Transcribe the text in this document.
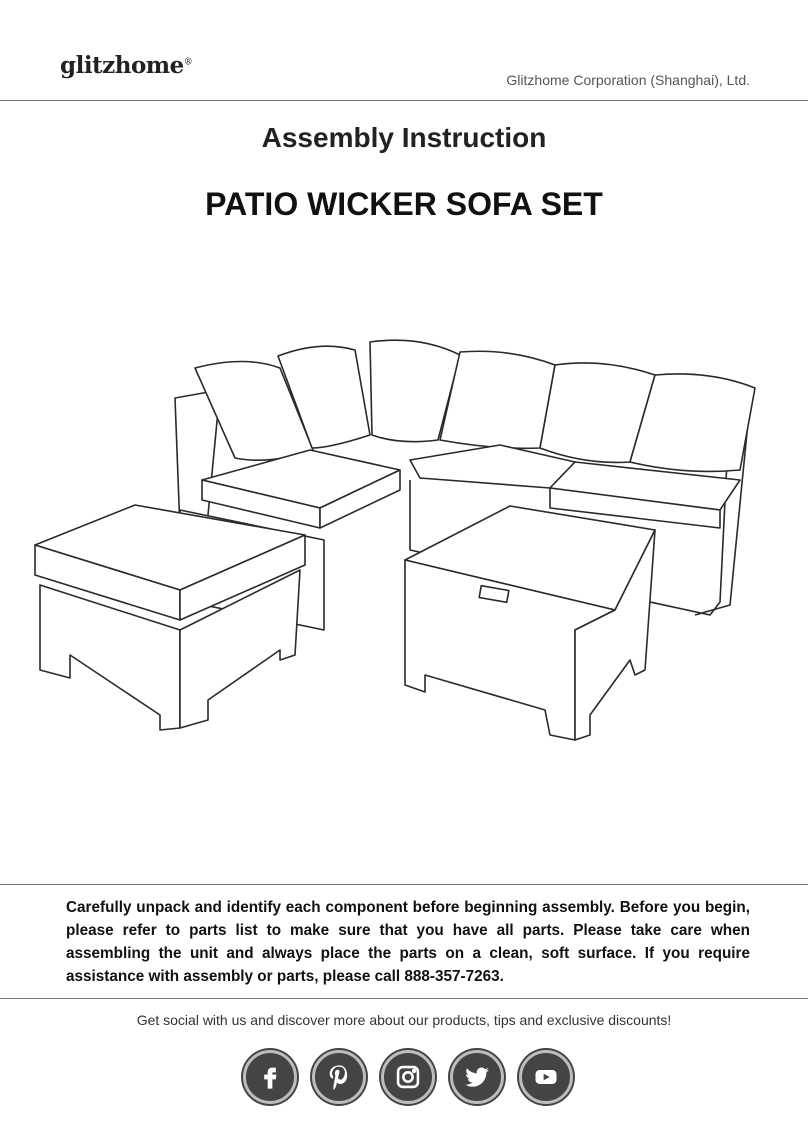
glitzhome®
Glitzhome Corporation (Shanghai), Ltd.
Assembly Instruction
PATIO WICKER SOFA SET
Carefully unpack and identify each component before beginning assembly. Before you begin, please refer to parts list to make sure that you have all parts. Please take care when assembling the unit and always place the parts on a clean, soft surface. If you require assistance with assembly or parts, please call 888-357-7263.
Get social with us and discover more about our products, tips and exclusive discounts!
